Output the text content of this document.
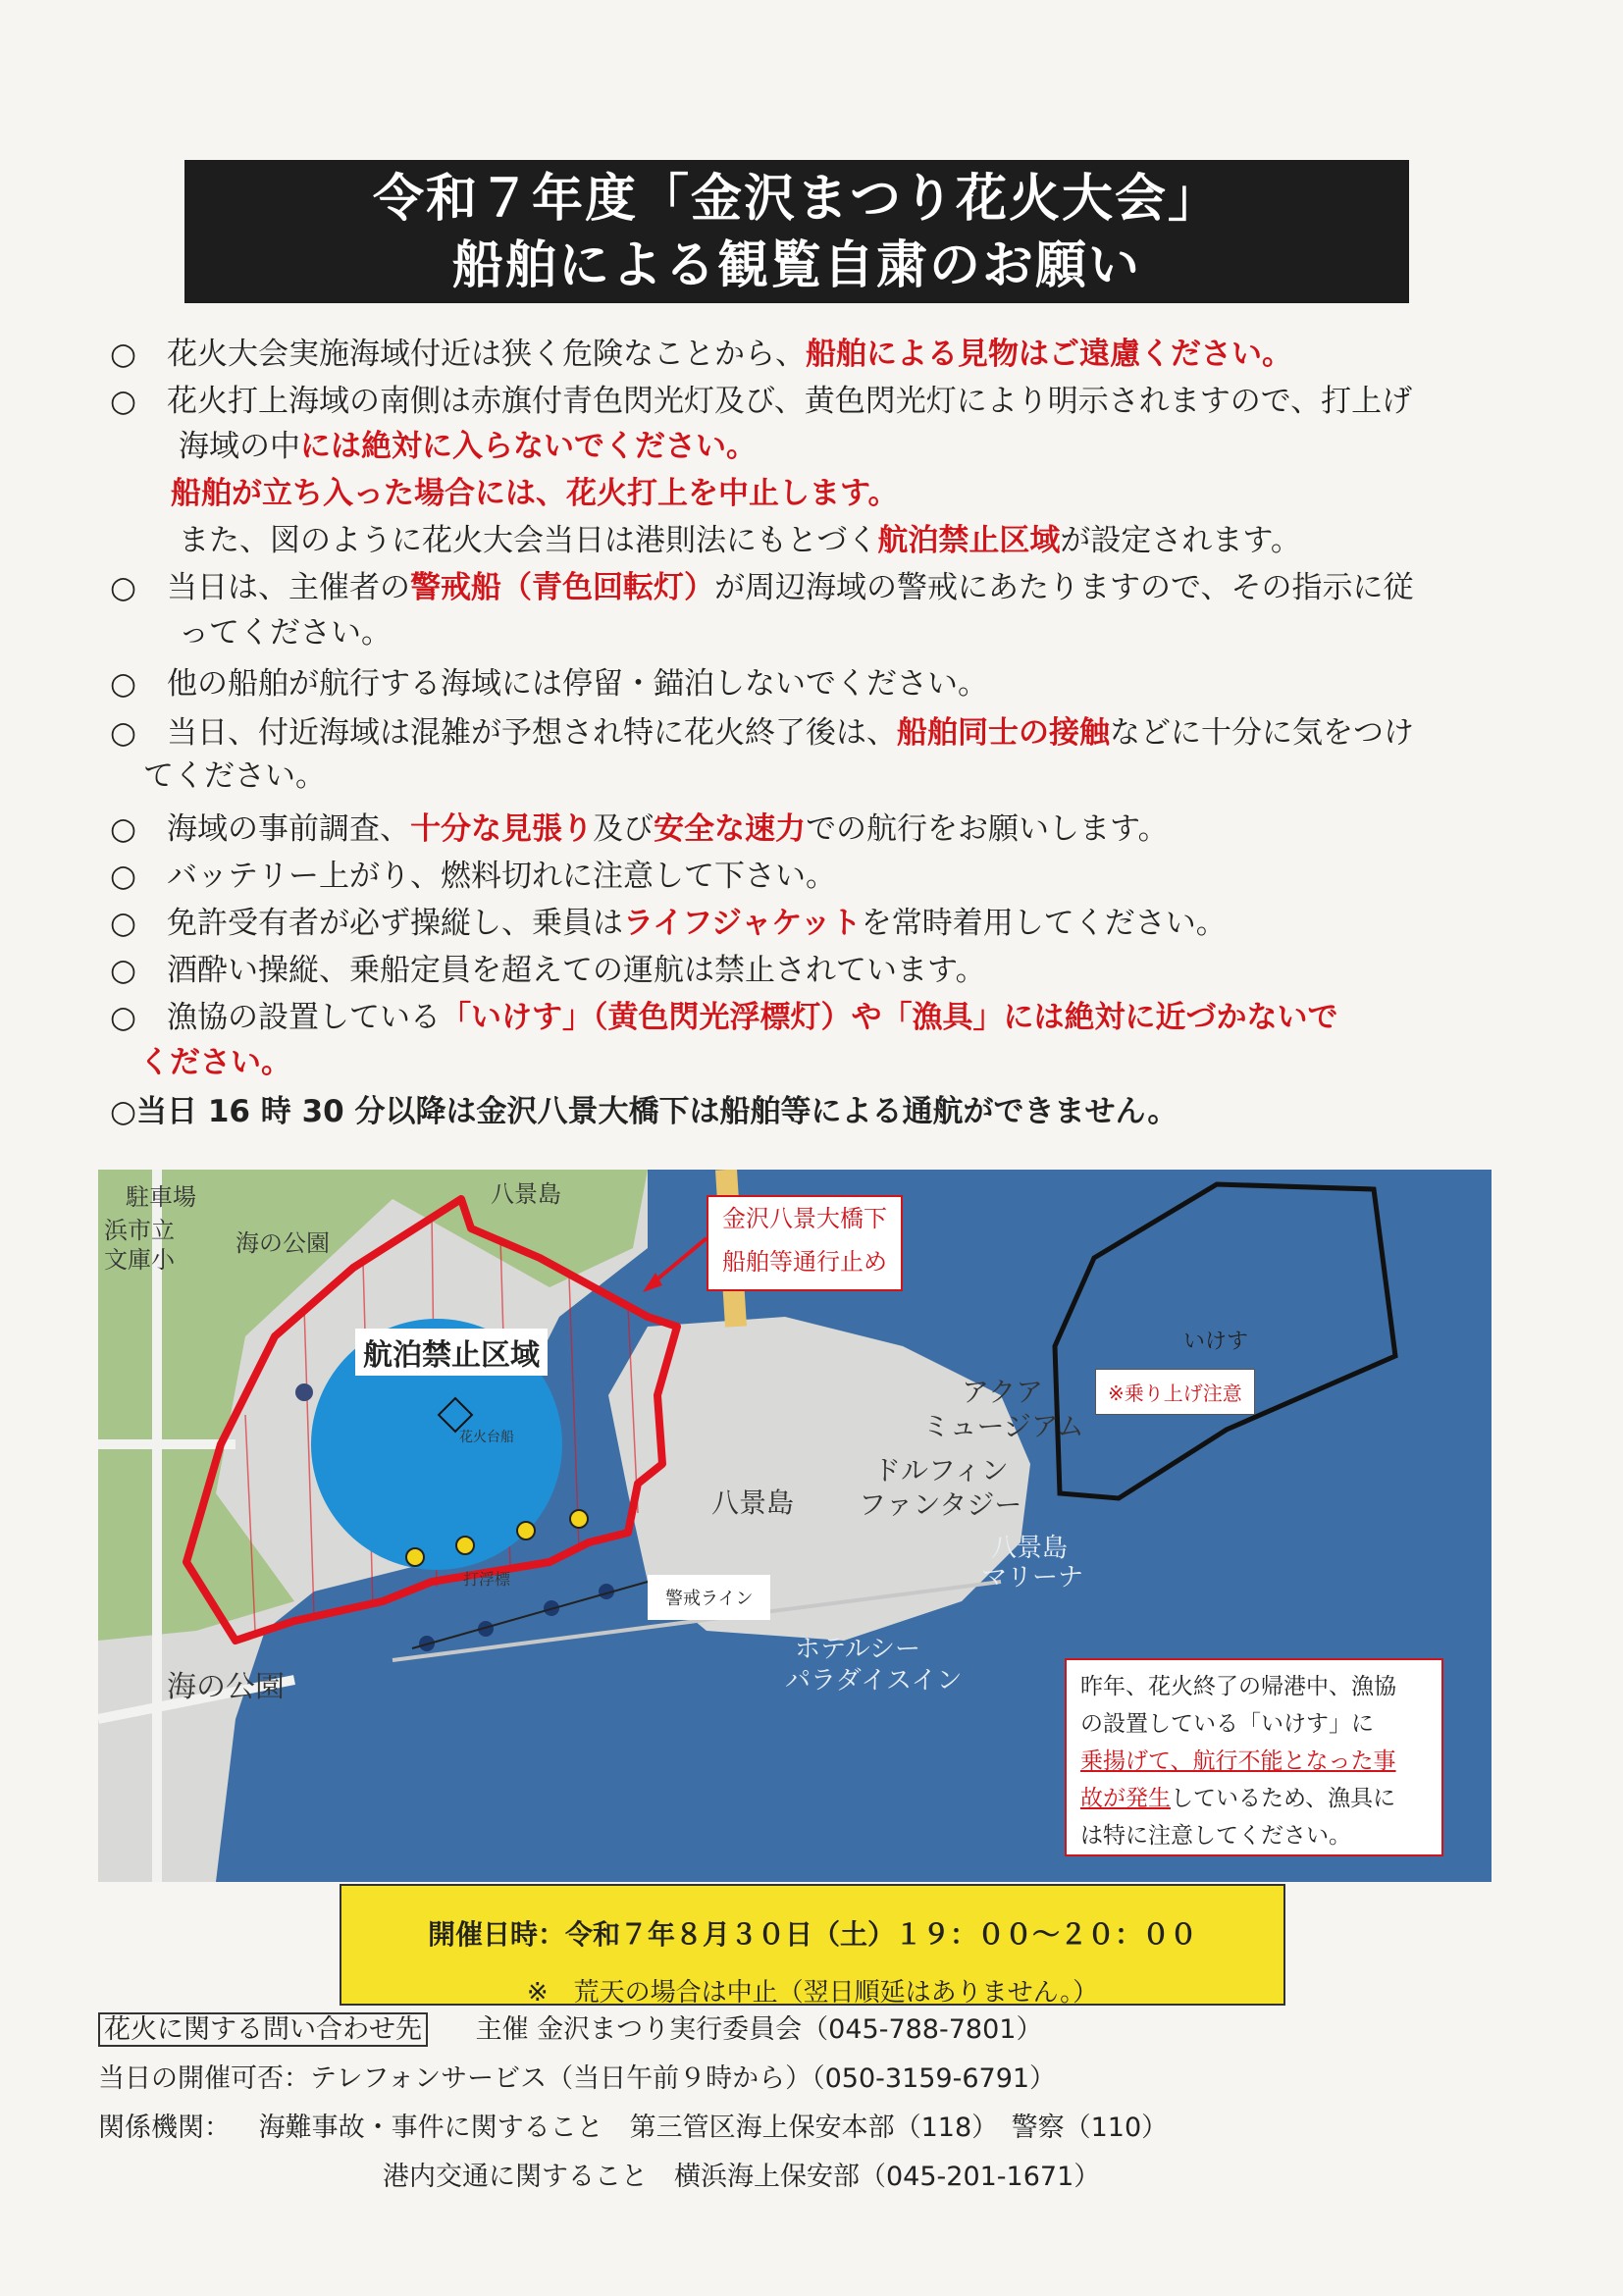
令和７年度「金沢まつり花火大会」
船舶による観覧自粛のお願い
○　花火大会実施海域付近は狭く危険なことから、船舶による見物はご遠慮ください。
○　花火打上海域の南側は赤旗付青色閃光灯及び、黄色閃光灯により明示されますので、打上げ
海域の中には絶対に入らないでください。
船舶が立ち入った場合には、花火打上を中止します。
また、図のように花火大会当日は港則法にもとづく航泊禁止区域が設定されます。
○　当日は、主催者の警戒船（青色回転灯）が周辺海域の警戒にあたりますので、その指示に従
ってください。
○　他の船舶が航行する海域には停留・錨泊しないでください。
○　当日、付近海域は混雑が予想され特に花火終了後は、船舶同士の接触などに十分に気をつけ
てください。
○　海域の事前調査、十分な見張り及び安全な速力での航行をお願いします。
○　バッテリー上がり、燃料切れに注意して下さい。
○　免許受有者が必ず操縦し、乗員はライフジャケットを常時着用してください。
○　酒酔い操縦、乗船定員を超えての運航は禁止されています。
○　漁協の設置している「いけす」（黄色閃光浮標灯）や「漁具」には絶対に近づかないで
ください。
○当日 16 時 30 分以降は金沢八景大橋下は船舶等による通航ができません。
駐車場	八景島
浜市立
文庫小
海の公園
海の公園
アクア
ミュージアム
ドルフィン
ファンタジー
八景島
八景島
マリーナ
ホテルシー
パラダイスイン
打浮標
花火台船
航泊禁止区域
金沢八景大橋下
船舶等通行止め
警戒ライン
いけす
※乗り上げ注意
昨年、花火終了の帰港中、漁協
の設置している「いけす」に
乗揚げて、航行不能となった事
故が発生しているため、漁具に
は特に注意してください。
開催日時：令和７年８月３０日（土）１９：００～２０：００
※　荒天の場合は中止（翌日順延はありません。）
花火に関する問い合わせ先 主催 金沢まつり実行委員会（045-788-7801）
当日の開催可否：テレフォンサービス（当日午前９時から）（050-3159-6791）
関係機関： 海難事故・事件に関すること　第三管区海上保安本部（118）　警察（110）
港内交通に関すること　横浜海上保安部（045-201-1671）
